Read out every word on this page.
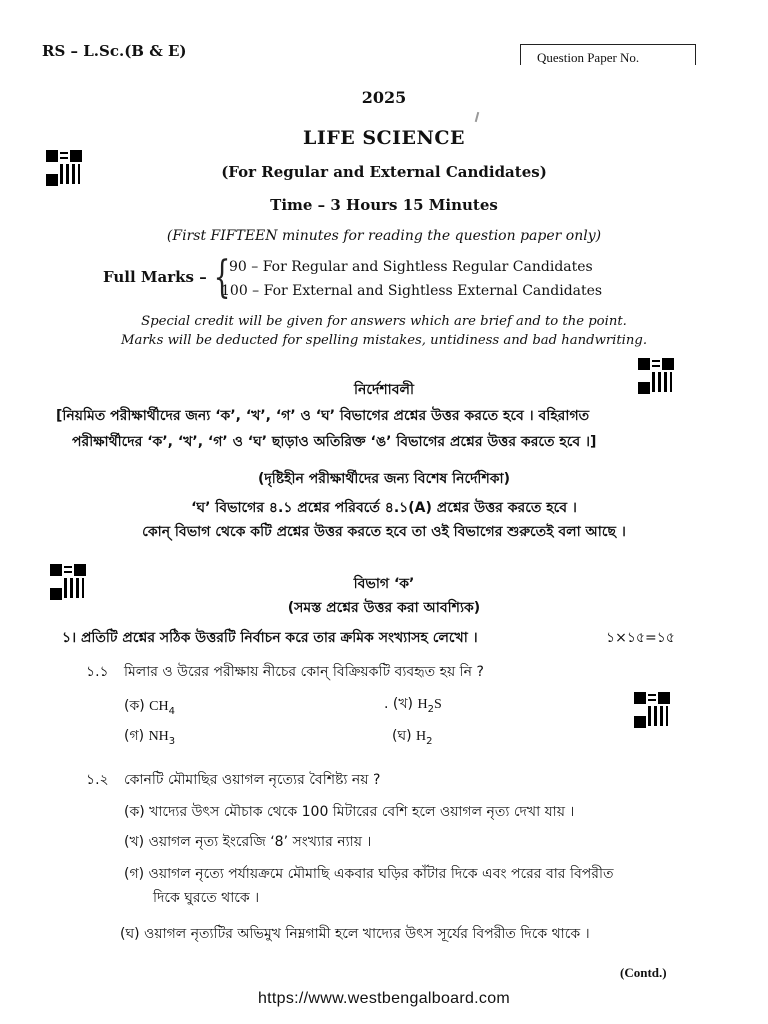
RS – L.Sc.(B & E)	Question Paper No.
2025
LIFE SCIENCE
(For Regular and External Candidates)
Time – 3 Hours 15 Minutes
(First FIFTEEN minutes for reading the question paper only)
Full Marks – {
90 – For Regular and Sightless Regular Candidates
100 – For External and Sightless External Candidates
Special credit will be given for answers which are brief and to the point.
Marks will be deducted for spelling mistakes, untidiness and bad handwriting.
নির্দেশাবলী
[নিয়মিত পরীক্ষার্থীদের জন্য ‘ক’, ‘খ’, ‘গ’ ও ‘ঘ’ বিভাগের প্রশ্নের উত্তর করতে হবে । বহিরাগত
পরীক্ষার্থীদের ‘ক’, ‘খ’, ‘গ’ ও ‘ঘ’ ছাড়াও অতিরিক্ত ‘ঙ’ বিভাগের প্রশ্নের উত্তর করতে হবে ।]
(দৃষ্টিহীন পরীক্ষার্থীদের জন্য বিশেষ নির্দেশিকা)
‘ঘ’ বিভাগের ৪.১ প্রশ্নের পরিবর্তে ৪.১(A) প্রশ্নের উত্তর করতে হবে ।
কোন্ বিভাগ থেকে কটি প্রশ্নের উত্তর করতে হবে তা ওই বিভাগের শুরুতেই বলা আছে ।
বিভাগ ‘ক’
(সমস্ত প্রশ্নের উত্তর করা আবশ্যিক)
১। প্রতিটি প্রশ্নের সঠিক উত্তরটি নির্বাচন করে তার ক্রমিক সংখ্যাসহ লেখো ।	১×১৫=১৫
১.১ মিলার ও উরের পরীক্ষায় নীচের কোন্ বিক্রিয়কটি ব্যবহৃত হয় নি ?
(ক) $CH_4$	. (খ) $H_2S$
(গ) $NH_3$	(ঘ) $H_2$
১.২ কোনটি মৌমাছির ওয়াগল নৃত্যের বৈশিষ্ট্য নয় ?
(ক) খাদ্যের উৎস মৌচাক থেকে 100 মিটারের বেশি হলে ওয়াগল নৃত্য দেখা যায় ।
(খ) ওয়াগল নৃত্য ইংরেজি ‘8’ সংখ্যার ন্যায় ।
(গ) ওয়াগল নৃত্যে পর্যায়ক্রমে মৌমাছি একবার ঘড়ির কাঁটার দিকে এবং পরের বার বিপরীত
দিকে ঘুরতে থাকে ।
(ঘ) ওয়াগল নৃত্যটির অভিমুখ নিম্নগামী হলে খাদ্যের উৎস সূর্যের বিপরীত দিকে থাকে ।
(Contd.)
https://www.westbengalboard.com
